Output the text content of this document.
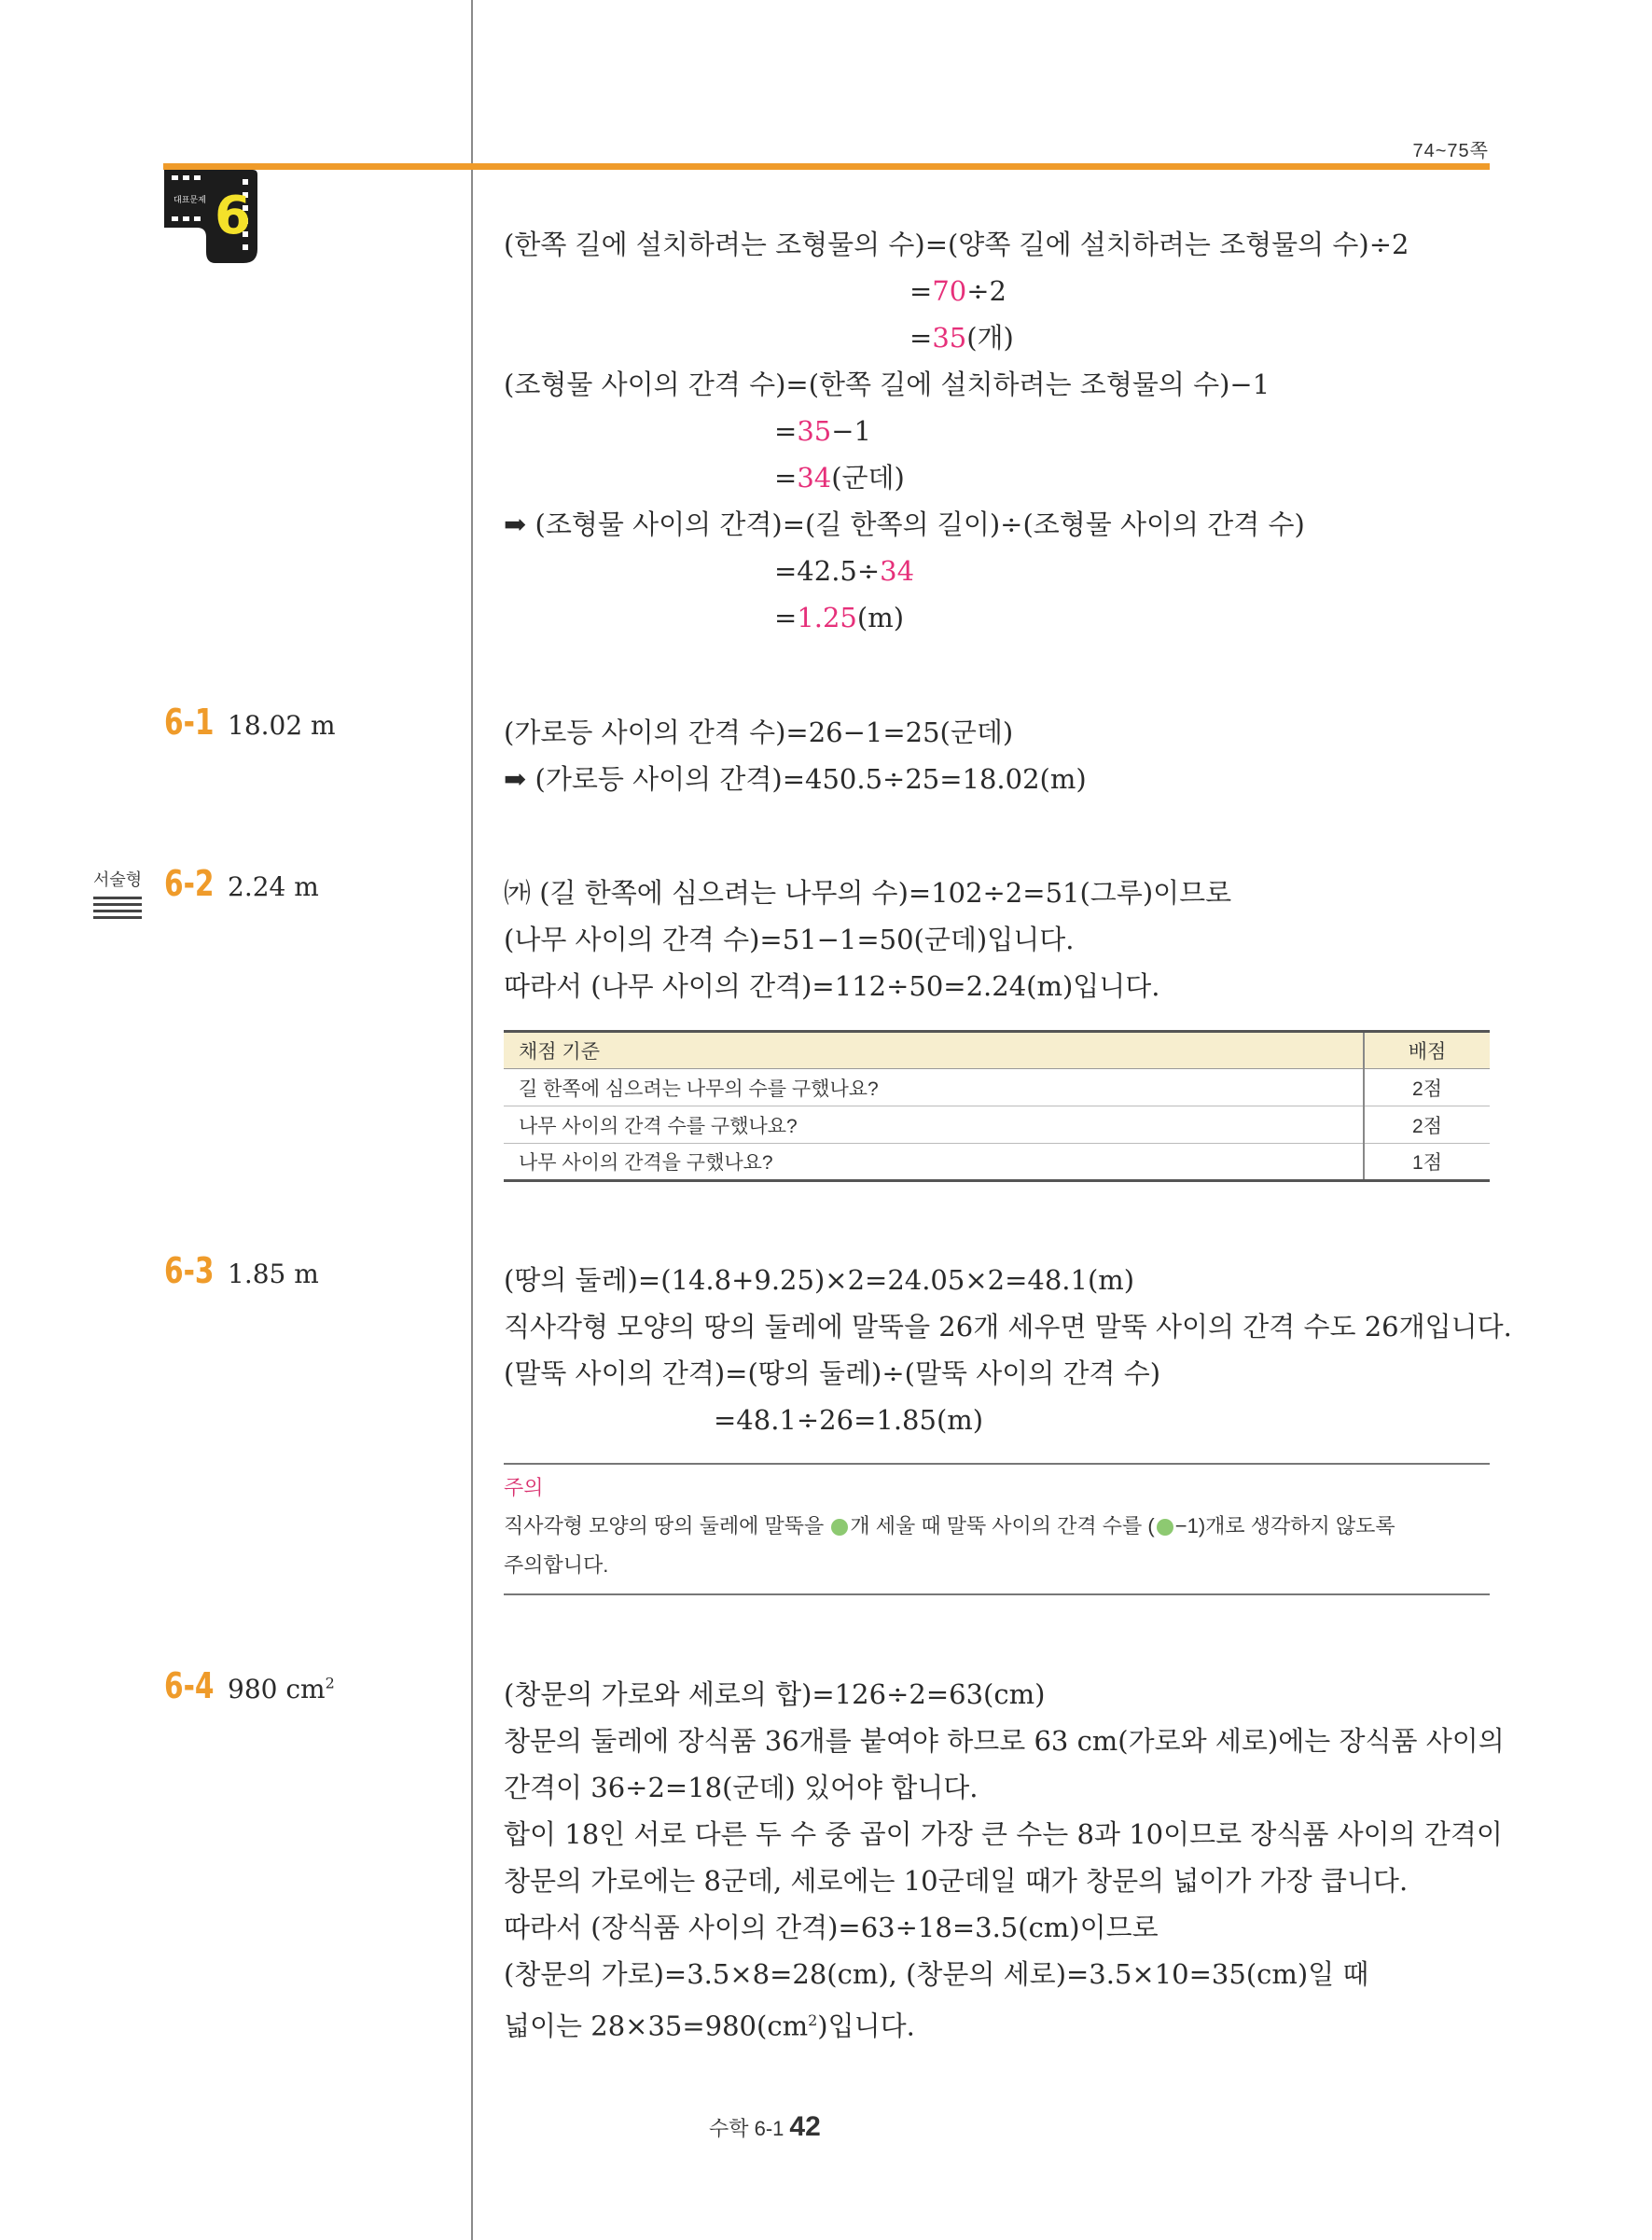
74~75쪽
대표문제 6	(한쪽 길에 설치하려는 조형물의 수)=(양쪽 길에 설치하려는 조형물의 수)÷2
=70÷2
=35(개)
(조형물 사이의 간격 수)=(한쪽 길에 설치하려는 조형물의 수)−1
=35−1
=34(군데)
➡ (조형물 사이의 간격)=(길 한쪽의 길이)÷(조형물 사이의 간격 수)
=42.5÷34
=1.25(m)
6-1 18.02 m
6-2 2.24 m
6-3 1.85 m
6-4 980 $cm^2$
서술형
(가로등 사이의 간격 수)=26−1=25(군데)
➡ (가로등 사이의 간격)=450.5÷25=18.02(m)
㈎ (길 한쪽에 심으려는 나무의 수)=102÷2=51(그루)이므로
(나무 사이의 간격 수)=51−1=50(군데)입니다.
따라서 (나무 사이의 간격)=112÷50=2.24(m)입니다.
채점 기준	배점
길 한쪽에 심으려는 나무의 수를 구했나요?	2점
나무 사이의 간격 수를 구했나요?	2점
나무 사이의 간격을 구했나요?	1점
(땅의 둘레)=(14.8+9.25)×2=24.05×2=48.1(m)
직사각형 모양의 땅의 둘레에 말뚝을 26개 세우면 말뚝 사이의 간격 수도 26개입니다.
(말뚝 사이의 간격)=(땅의 둘레)÷(말뚝 사이의 간격 수)
=48.1÷26=1.85(m)
주의
직사각형 모양의 땅의 둘레에 말뚝을 개 세울 때 말뚝 사이의 간격 수를 ( −1)개로 생각하지 않도록
주의합니다.
(창문의 가로와 세로의 합)=126÷2=63(cm)
창문의 둘레에 장식품 36개를 붙여야 하므로 63 cm(가로와 세로)에는 장식품 사이의
간격이 36÷2=18(군데) 있어야 합니다.
합이 18인 서로 다른 두 수 중 곱이 가장 큰 수는 8과 10이므로 장식품 사이의 간격이
창문의 가로에는 8군데, 세로에는 10군데일 때가 창문의 넓이가 가장 큽니다.
따라서 (장식품 사이의 간격)=63÷18=3.5(cm)이므로
(창문의 가로)=3.5×8=28(cm), (창문의 세로)=3.5×10=35(cm)일 때
넓이는 $28\times 35=980(cm^2)$입니다.
수학 6-1 42
